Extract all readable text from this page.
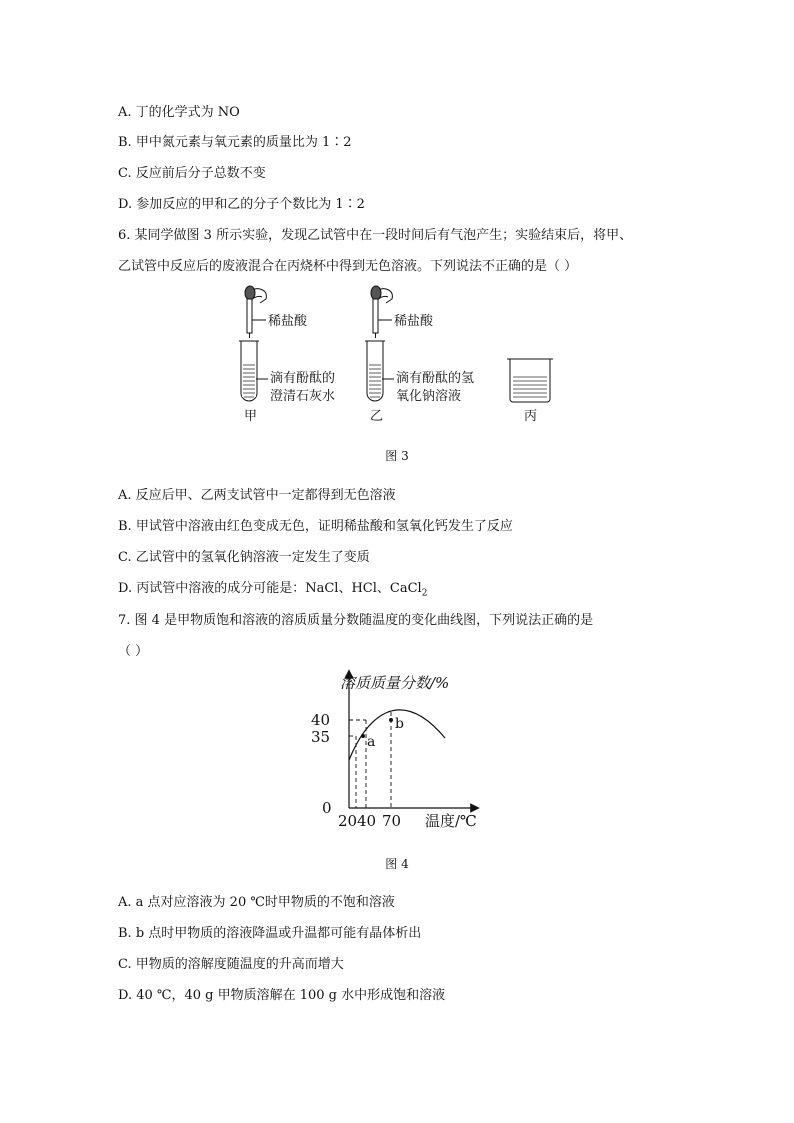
A. 丁的化学式为 NO
B. 甲中氮元素与氧元素的质量比为 1∶2
C. 反应前后分子总数不变
D. 参加反应的甲和乙的分子个数比为 1∶2
6. 某同学做图 3 所示实验，发现乙试管中在一段时间后有气泡产生；实验结束后，将甲、
乙试管中反应后的废液混合在丙烧杯中得到无色溶液。下列说法不正确的是（ ）
稀盐酸
滴有酚酞的
澄清石灰水
甲
稀盐酸
滴有酚酞的氢
氧化钠溶液
乙	丙
图 3
A. 反应后甲、乙两支试管中一定都得到无色溶液
B. 甲试管中溶液由红色变成无色，证明稀盐酸和氢氧化钙发生了反应
C. 乙试管中的氢氧化钠溶液一定发生了变质
D. 丙试管中溶液的成分可能是：NaCl、HCl、CaCl$_2$
7. 图 4 是甲物质饱和溶液的溶质质量分数随温度的变化曲线图，下列说法正确的是
（ ）
溶质质量分数/%
温度/℃
0
35
40
20 40 70
a
b
图 4
A. a 点对应溶液为 20 ℃时甲物质的不饱和溶液
B. b 点时甲物质的溶液降温或升温都可能有晶体析出
C. 甲物质的溶解度随温度的升高而增大
D. 40 ℃，40 g 甲物质溶解在 100 g 水中形成饱和溶液
